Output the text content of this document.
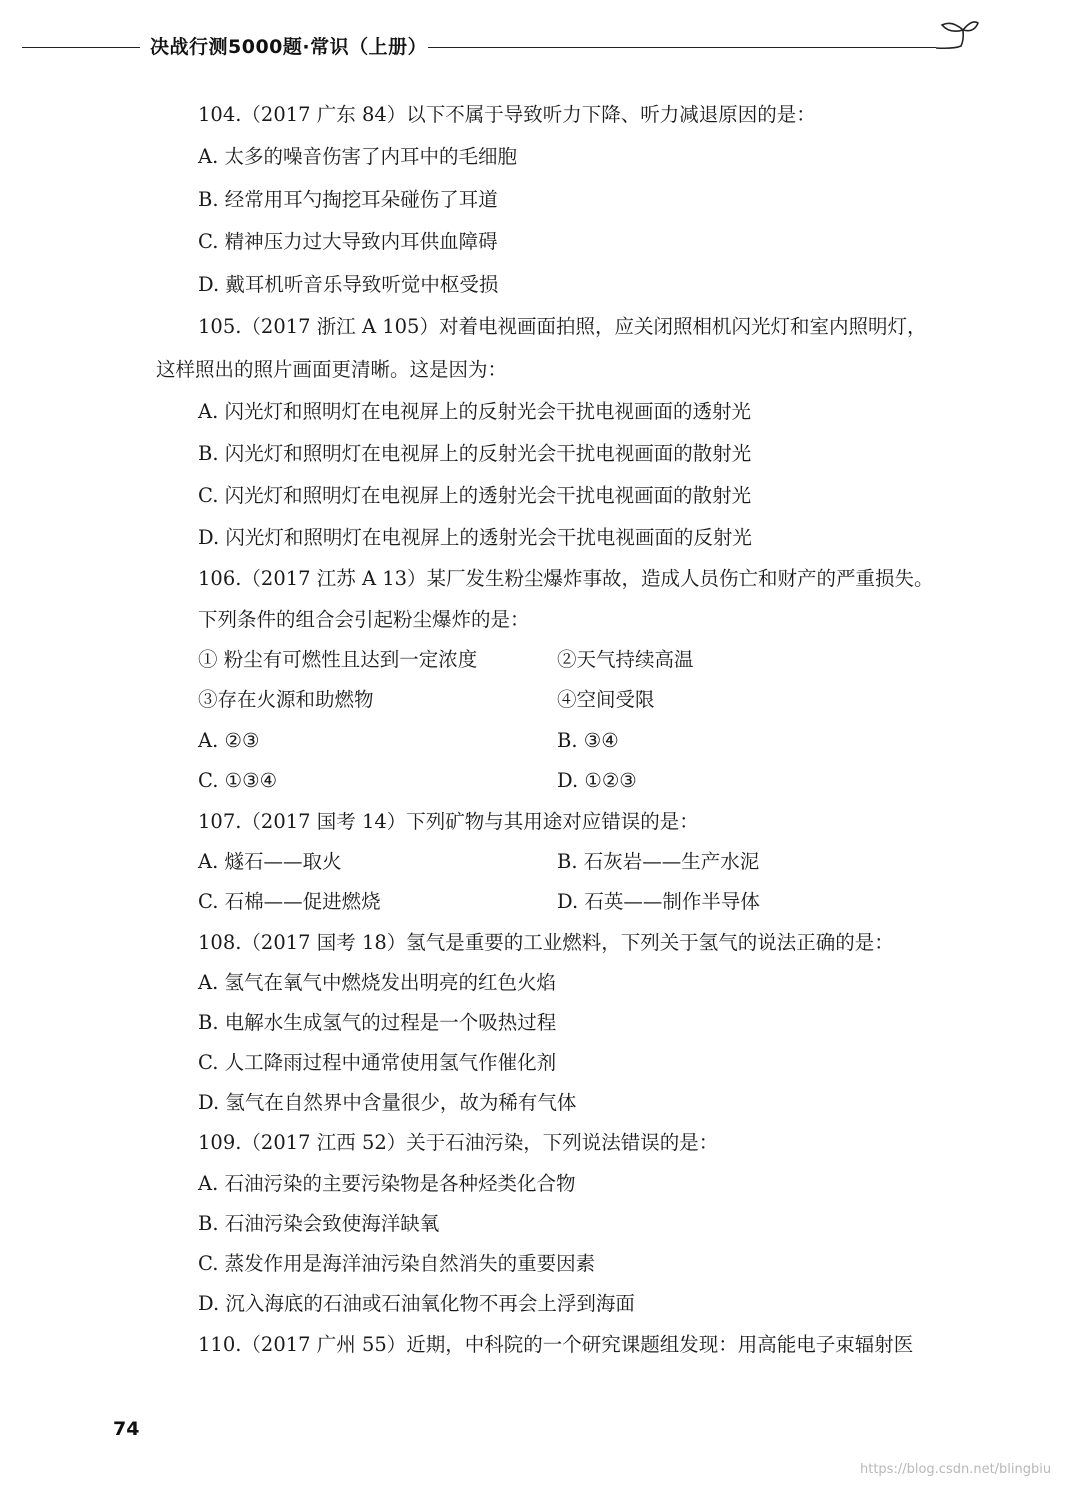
决战行测5000题·常识（上册）
104.（2017 广东 84）以下不属于导致听力下降、听力减退原因的是：
A. 太多的噪音伤害了内耳中的毛细胞
B. 经常用耳勺掏挖耳朵碰伤了耳道
C. 精神压力过大导致内耳供血障碍
D. 戴耳机听音乐导致听觉中枢受损
105.（2017 浙江 A 105）对着电视画面拍照，应关闭照相机闪光灯和室内照明灯，
这样照出的照片画面更清晰。这是因为：
A. 闪光灯和照明灯在电视屏上的反射光会干扰电视画面的透射光
B. 闪光灯和照明灯在电视屏上的反射光会干扰电视画面的散射光
C. 闪光灯和照明灯在电视屏上的透射光会干扰电视画面的散射光
D. 闪光灯和照明灯在电视屏上的透射光会干扰电视画面的反射光
106.（2017 江苏 A 13）某厂发生粉尘爆炸事故，造成人员伤亡和财产的严重损失。
下列条件的组合会引起粉尘爆炸的是：
① 粉尘有可燃性且达到一定浓度	②天气持续高温
③存在火源和助燃物	④空间受限
A. ②③	B. ③④
C. ①③④	D. ①②③
107.（2017 国考 14）下列矿物与其用途对应错误的是：
A. 燧石——取火	B. 石灰岩——生产水泥
C. 石棉——促进燃烧	D. 石英——制作半导体
108.（2017 国考 18）氢气是重要的工业燃料，下列关于氢气的说法正确的是：
A. 氢气在氧气中燃烧发出明亮的红色火焰
B. 电解水生成氢气的过程是一个吸热过程
C. 人工降雨过程中通常使用氢气作催化剂
D. 氢气在自然界中含量很少，故为稀有气体
109.（2017 江西 52）关于石油污染，下列说法错误的是：
A. 石油污染的主要污染物是各种烃类化合物
B. 石油污染会致使海洋缺氧
C. 蒸发作用是海洋油污染自然消失的重要因素
D. 沉入海底的石油或石油氧化物不再会上浮到海面
110.（2017 广州 55）近期，中科院的一个研究课题组发现：用高能电子束辐射医
74
https://blog.csdn.net/blingbiu
